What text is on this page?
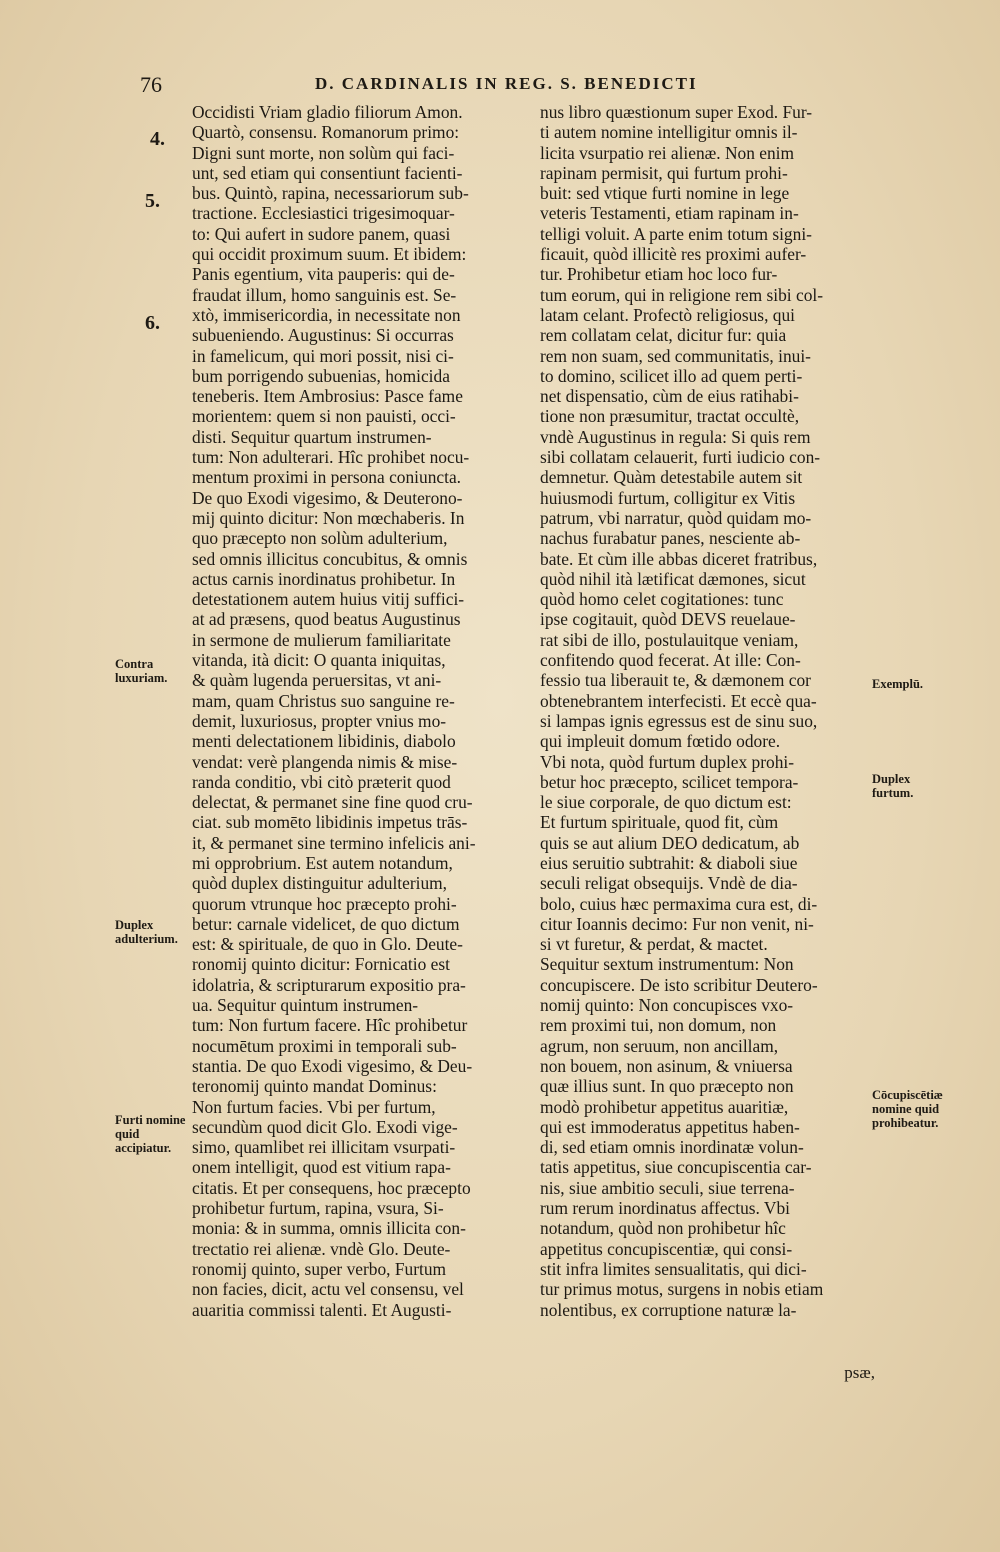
76	D. CARDINALIS IN REG. S. BENEDICTI
4.
5.
6.
Contra luxuriam.
Duplex adulterium.
Furti nomine quid accipiatur.
Exemplū.
Duplex furtum.
Cōcupiscētiæ nomine quid prohibeatur.
Occidisti Vriam gladio filiorum Amon.
Quartò, consensu. Romanorum primo:
Digni sunt morte, non solùm qui faci-
unt, sed etiam qui consentiunt facienti-
bus. Quintò, rapina, necessariorum sub-
tractione. Ecclesiastici trigesimoquar-
to: Qui aufert in sudore panem, quasi
qui occidit proximum suum. Et ibidem:
Panis egentium, vita pauperis: qui de-
fraudat illum, homo sanguinis est. Se-
xtò, immisericordia, in necessitate non
subueniendo. Augustinus: Si occurras
in famelicum, qui mori possit, nisi ci-
bum porrigendo subuenias, homicida
teneberis. Item Ambrosius: Pasce fame
morientem: quem si non pauisti, occi-
disti. Sequitur quartum instrumen-
tum: Non adulterari. Hîc prohibet nocu-
mentum proximi in persona coniuncta.
De quo Exodi vigesimo, & Deuterono-
mij quinto dicitur: Non mœchaberis. In
quo præcepto non solùm adulterium,
sed omnis illicitus concubitus, & omnis
actus carnis inordinatus prohibetur. In
detestationem autem huius vitij suffici-
at ad præsens, quod beatus Augustinus
in sermone de mulierum familiaritate
vitanda, ità dicit: O quanta iniquitas,
& quàm lugenda peruersitas, vt ani-
mam, quam Christus suo sanguine re-
demit, luxuriosus, propter vnius mo-
menti delectationem libidinis, diabolo
vendat: verè plangenda nimis & mise-
randa conditio, vbi citò præterit quod
delectat, & permanet sine fine quod cru-
ciat. sub momēto libidinis impetus trās-
it, & permanet sine termino infelicis ani-
mi opprobrium. Est autem notandum,
quòd duplex distinguitur adulterium,
quorum vtrunque hoc præcepto prohi-
betur: carnale videlicet, de quo dictum
est: & spirituale, de quo in Glo. Deute-
ronomij quinto dicitur: Fornicatio est
idolatria, & scripturarum expositio pra-
ua. Sequitur quintum instrumen-
tum: Non furtum facere. Hîc prohibetur
nocumētum proximi in temporali sub-
stantia. De quo Exodi vigesimo, & Deu-
teronomij quinto mandat Dominus:
Non furtum facies. Vbi per furtum,
secundùm quod dicit Glo. Exodi vige-
simo, quamlibet rei illicitam vsurpati-
onem intelligit, quod est vitium rapa-
citatis. Et per consequens, hoc præcepto
prohibetur furtum, rapina, vsura, Si-
monia: & in summa, omnis illicita con-
trectatio rei alienæ. vndè Glo. Deute-
ronomij quinto, super verbo, Furtum
non facies, dicit, actu vel consensu, vel
auaritia commissi talenti. Et Augusti-
nus libro quæstionum super Exod. Fur-
ti autem nomine intelligitur omnis il-
licita vsurpatio rei alienæ. Non enim
rapinam permisit, qui furtum prohi-
buit: sed vtique furti nomine in lege
veteris Testamenti, etiam rapinam in-
telligi voluit. A parte enim totum signi-
ficauit, quòd illicitè res proximi aufer-
tur. Prohibetur etiam hoc loco fur-
tum eorum, qui in religione rem sibi col-
latam celant. Profectò religiosus, qui
rem collatam celat, dicitur fur: quia
rem non suam, sed communitatis, inui-
to domino, scilicet illo ad quem perti-
net dispensatio, cùm de eius ratihabi-
tione non præsumitur, tractat occultè,
vndè Augustinus in regula: Si quis rem
sibi collatam celauerit, furti iudicio con-
demnetur. Quàm detestabile autem sit
huiusmodi furtum, colligitur ex Vitis
patrum, vbi narratur, quòd quidam mo-
nachus furabatur panes, nesciente ab-
bate. Et cùm ille abbas diceret fratribus,
quòd nihil ità lætificat dæmones, sicut
quòd homo celet cogitationes: tunc
ipse cogitauit, quòd DEVS reuelaue-
rat sibi de illo, postulauitque veniam,
confitendo quod fecerat. At ille: Con-
fessio tua liberauit te, & dæmonem cor
obtenebrantem interfecisti. Et eccè qua-
si lampas ignis egressus est de sinu suo,
qui impleuit domum fœtido odore.
Vbi nota, quòd furtum duplex prohi-
betur hoc præcepto, scilicet tempora-
le siue corporale, de quo dictum est:
Et furtum spirituale, quod fit, cùm
quis se aut alium DEO dedicatum, ab
eius seruitio subtrahit: & diaboli siue
seculi religat obsequijs. Vndè de dia-
bolo, cuius hæc permaxima cura est, di-
citur Ioannis decimo: Fur non venit, ni-
si vt furetur, & perdat, & mactet.
Sequitur sextum instrumentum: Non
concupiscere. De isto scribitur Deutero-
nomij quinto: Non concupisces vxo-
rem proximi tui, non domum, non
agrum, non seruum, non ancillam,
non bouem, non asinum, & vniuersa
quæ illius sunt. In quo præcepto non
modò prohibetur appetitus auaritiæ,
qui est immoderatus appetitus haben-
di, sed etiam omnis inordinatæ volun-
tatis appetitus, siue concupiscentia car-
nis, siue ambitio seculi, siue terrena-
rum rerum inordinatus affectus. Vbi
notandum, quòd non prohibetur hîc
appetitus concupiscentiæ, qui consi-
stit infra limites sensualitatis, qui dici-
tur primus motus, surgens in nobis etiam
nolentibus, ex corruptione naturæ la-
psæ,
